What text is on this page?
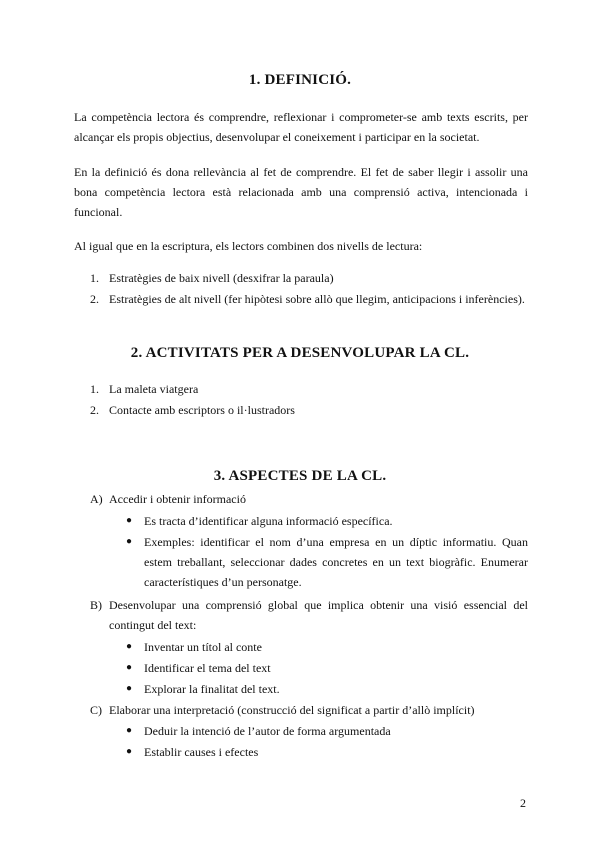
1. DEFINICIÓ.
La competència lectora és comprendre, reflexionar i comprometer-se amb texts escrits, per alcançar els propis objectius, desenvolupar el coneixement i participar en la societat.
En la definició és dona rellevància al fet de comprendre. El fet de saber llegir i assolir una bona competència lectora està relacionada amb una comprensió activa, intencionada i funcional.
Al igual que en la escriptura, els lectors combinen dos nivells de lectura:
1. Estratègies de baix nivell (desxifrar la paraula)
2. Estratègies de alt nivell (fer hipòtesi sobre allò que llegim, anticipacions i inferències).
2. ACTIVITATS PER A DESENVOLUPAR LA CL.
1. La maleta viatgera
2. Contacte amb escriptors o il·lustradors
3. ASPECTES DE LA CL.
A) Accedir i obtenir informació
● Es tracta d’identificar alguna informació específica.
● Exemples: identificar el nom d’una empresa en un díptic informatiu. Quan estem treballant, seleccionar dades concretes en un text biogràfic. Enumerar característiques d’un personatge.
B) Desenvolupar una comprensió global que implica obtenir una visió essencial del contingut del text:
● Inventar un títol al conte
● Identificar el tema del text
● Explorar la finalitat del text.
C) Elaborar una interpretació (construcció del significat a partir d’allò implícit)
● Deduir la intenció de l’autor de forma argumentada
● Establir causes i efectes
2
